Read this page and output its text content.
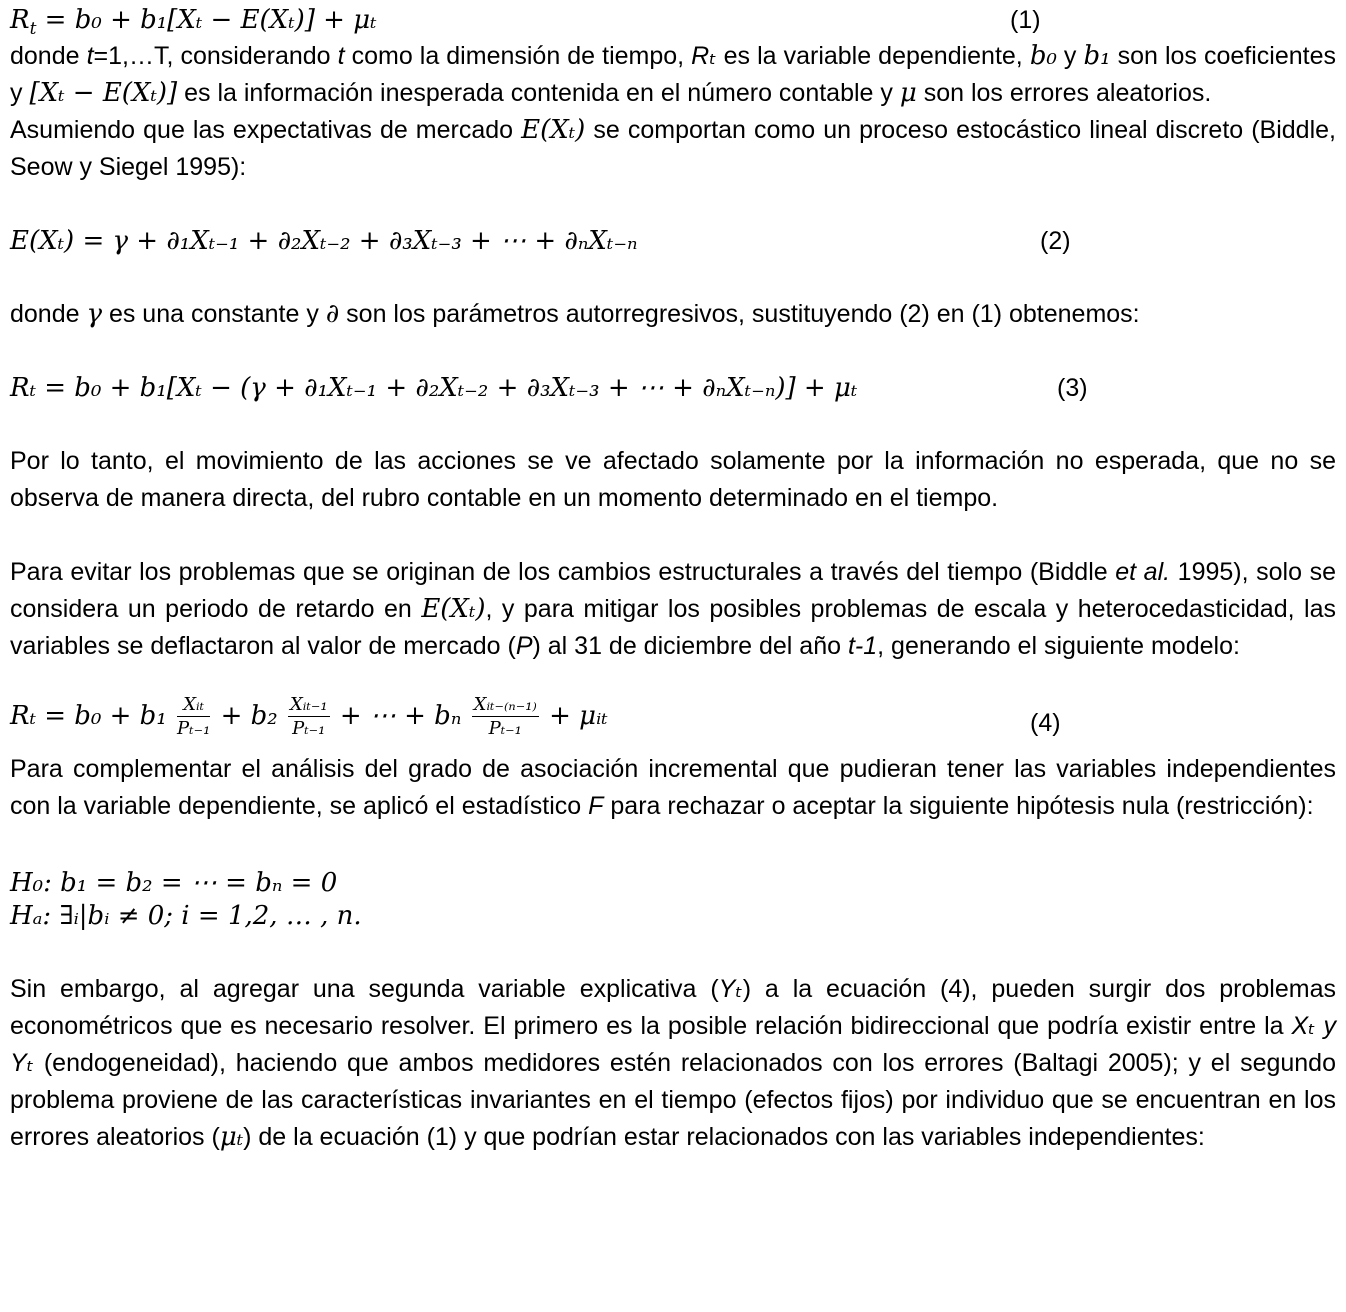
$R_t = b_0 + b_1[X_t - E(X_t)] + \mu_t$	(1)

donde t=1,…T, considerando t como la dimensión de tiempo, Rₜ es la variable dependiente, b₀ y b₁ son los coeficientes y [Xₜ − E(Xₜ)] es la información inesperada contenida en el número contable y μ son los errores aleatorios.

Asumiendo que las expectativas de mercado E(Xₜ) se comportan como un proceso estocástico lineal discreto (Biddle, Seow y Siegel 1995):

E(Xₜ) = γ + ∂₁Xₜ₋₁ + ∂₂Xₜ₋₂ + ∂₃Xₜ₋₃ + ⋯ + ∂ₙXₜ₋ₙ	(2)

donde γ es una constante y ∂ son los parámetros autorregresivos, sustituyendo (2) en (1) obtenemos:

Rₜ = b₀ + b₁[Xₜ − (γ + ∂₁Xₜ₋₁ + ∂₂Xₜ₋₂ + ∂₃Xₜ₋₃ + ⋯ + ∂ₙXₜ₋ₙ)] + μₜ	(3)

Por lo tanto, el movimiento de las acciones se ve afectado solamente por la información no esperada, que no se observa de manera directa, del rubro contable en un momento determinado en el tiempo.

Para evitar los problemas que se originan de los cambios estructurales a través del tiempo (Biddle et al. 1995), solo se considera un periodo de retardo en E(Xₜ), y para mitigar los posibles problemas de escala y heterocedasticidad, las variables se deflactaron al valor de mercado (P) al 31 de diciembre del año t-1, generando el siguiente modelo:

$R_t = b_0 + b_1 \frac{\text{Xᵢₜ}}{\text{Pₜ₋₁}} + b_2 \frac{\text{Xᵢₜ₋₁}}{\text{Pₜ₋₁}}$ + ⋯ + bₙ $\frac{\text{Xᵢₜ₋₍ₙ₋₁₎}}{\text{Pₜ₋₁}}$ + μᵢₜ	(4)

Para complementar el análisis del grado de asociación incremental que pudieran tener las variables independientes con la variable dependiente, se aplicó el estadístico F para rechazar o aceptar la siguiente hipótesis nula (restricción):

H₀: b₁ = b₂ = ⋯ = bₙ = 0
Hₐ: ∃ᵢ|bᵢ ≠ 0; i = 1,2, … , n.

Sin embargo, al agregar una segunda variable explicativa (Yₜ) a la ecuación (4), pueden surgir dos problemas econométricos que es necesario resolver. El primero es la posible relación bidireccional que podría existir entre la Xₜ y Yₜ (endogeneidad), haciendo que ambos medidores estén relacionados con los errores (Baltagi 2005); y el segundo problema proviene de las características invariantes en el tiempo (efectos fijos) por individuo que se encuentran en los errores aleatorios (μₜ) de la ecuación (1) y que podrían estar relacionados con las variables independientes:
